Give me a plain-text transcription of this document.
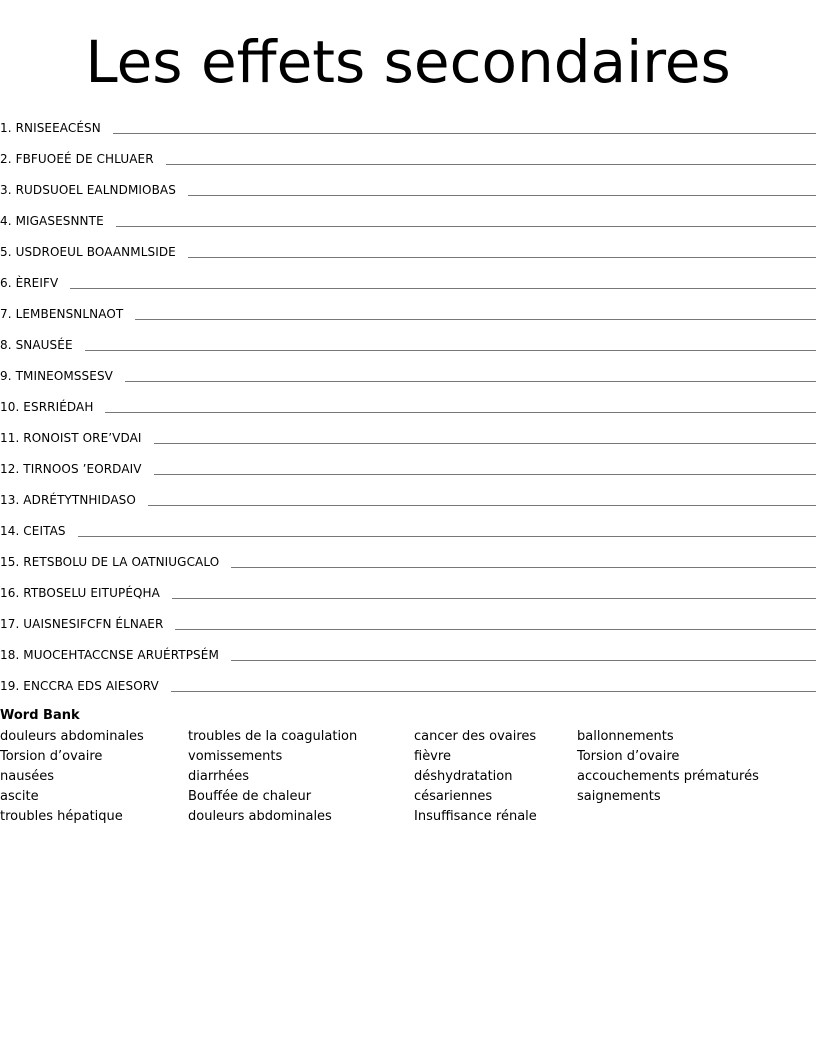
Les effets secondaires
1. RNISEEACÉSN
2. FBFUOEÉ DE CHLUAER
3. RUDSUOEL EALNDMIOBAS
4. MIGASESNNTE
5. USDROEUL BOAANMLSIDE
6. ÈREIFV
7. LEMBENSNLNAOT
8. SNAUSÉE
9. TMINEOMSSESV
10. ESRRIÉDAH
11. RONOIST ORE’VDAI
12. TIRNOOS ’EORDAIV
13. ADRÉTYTNHIDASO
14. CEITAS
15. RETSBOLU DE LA OATNIUGCALO
16. RTBOSELU EITUPÉQHA
17. UAISNESIFCFN ÉLNAER
18. MUOCEHTACCNSE ARUÉRTPSÉM
19. ENCCRA EDS AIESORV
Word Bank
douleurs abdominales
Torsion d’ovaire
nausées
ascite
troubles hépatique
troubles de la coagulation
vomissements
diarrhées
Bouffée de chaleur
douleurs abdominales
cancer des ovaires
fièvre
déshydratation
césariennes
Insuffisance rénale
ballonnements
Torsion d’ovaire
accouchements prématurés
saignements
